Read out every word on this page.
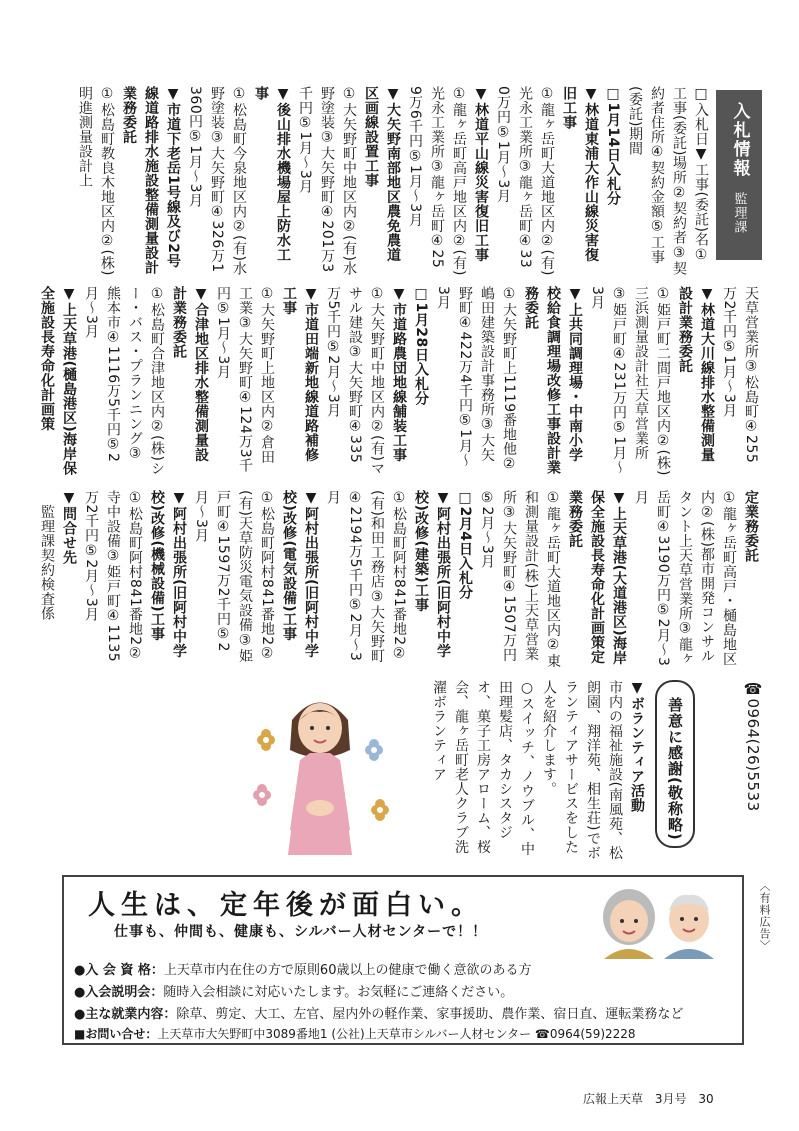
入札情報
監理課

□入札日▼工事(委託)名①工事(委託)場所②契約者③契約者住所④契約金額⑤工事(委託)期間

□1月14日入札分

▼林道東浦大作山線災害復旧工事

①龍ヶ岳町大道地区内②(有)光永工業所③龍ヶ岳町④330万円⑤1月〜3月

▼林道平山線災害復旧工事

①龍ヶ岳町高戸地区内②(有)光永工業所③龍ヶ岳町④259万6千円⑤1月〜3月

▼大矢野南部地区農免農道区画線設置工事

①大矢野町中地区内②(有)水野塗装③大矢野町④201万3千円⑤1月〜3月

▼後山排水機場屋上防水工事

①松島町今泉地区内②(有)水野塗装③大矢野町④326万1360円⑤1月〜3月

▼市道下老岳1号線及び2号線道路排水施設整備測量設計業務委託

①松島町教良木地区内②(株)明進測量設計上

天草営業所③松島町④255万2千円⑤1月〜3月

▼林道大川線排水整備測量設計業務委託

①姫戸町二間戸地区内②(株)三浜測量設計社天草営業所③姫戸町④231万円⑤1月〜3月

▼上共同調理場・中南小学校給食調理場改修工事設計業務委託

①大矢野町上1119番地他②嶋田建築設計事務所③大矢野町④422万4千円⑤1月〜3月

□1月28日入札分

▼市道路農団地線舗装工事

①大矢野町中地区内②(有)マサル建設③大矢野町④335万5千円⑤2月〜3月

▼市道田端新地線道路補修工事

①大矢野町上地区内②倉田工業③大矢野町④124万3千円⑤1月〜3月

▼合津地区排水整備測量設計業務委託

①松島町合津地区内②(株)シー・バス・プランニング③熊本市④1116万5千円⑤2月〜3月

▼上天草港(樋島港区)海岸保全施設長寿命化計画策

定業務委託

①龍ヶ岳町高戸・樋島地区内②(株)都市開発コンサルタント上天草営業所③龍ヶ岳町④3190万円⑤2月〜3月

▼上天草港(大道港区)海岸保全施設長寿命化計画策定業務委託

①龍ヶ岳町大道地区内②東和測量設計(株)上天草営業所③大矢野町④1507万円⑤2月〜3月

□2月4日入札分

▼阿村出張所(旧阿村中学校)改修(建築)工事

①松島町阿村841番地2②(有)和田工務店③大矢野町④2194万5千円⑤2月〜3月

▼阿村出張所(旧阿村中学校)改修(電気設備)工事

①松島町阿村841番地2②(有)天草防災電気設備③姫戸町④1597万2千円⑤2月〜3月

▼阿村出張所(旧阿村中学校)改修(機械設備)工事

①松島町阿村841番地2②寺中設備③姫戸町④1135万2千円⑤2月〜3月

▼問合せ先

　監理課契約検査係

☎0964(26)5533
善意に感謝(敬称略)

▼ボランティア活動

市内の福祉施設(南風苑、松朗園、翔洋苑、相生荘)でボランティアサービスをした人を紹介します。

○スイッチ、ノウブル、中田理髪店、タカシスタジオ、菓子工房アローム、桜会、龍ヶ岳町老人クラブ洗濯ボランティア

〈有料広告〉
人生は、定年後が面白い。
仕事も、仲間も、健康も、シルバー人材センターで！！
●入 会 資 格：上天草市内在住の方で原則60歳以上の健康で働く意欲のある方
●入会説明会：随時入会相談に対応いたします。お気軽にご連絡ください。
●主な就業内容：除草、剪定、大工、左官、屋内外の軽作業、家事援助、農作業、宿日直、運転業務など
■お問い合せ：上天草市大矢野町中3089番地1 (公社)上天草市シルバー人材センター ☎0964(59)2228
広報上天草 3月号 30
